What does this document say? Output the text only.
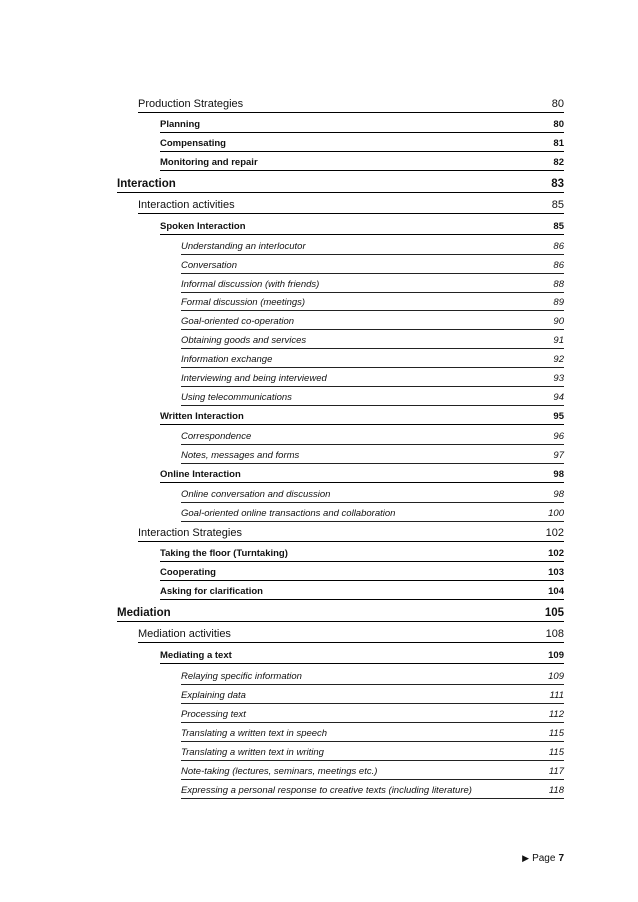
Production Strategies	80
Planning	80
Compensating	81
Monitoring and repair	82
Interaction	83
Interaction activities	85
Spoken Interaction	85
Understanding an interlocutor	86
Conversation	86
Informal discussion (with friends)	88
Formal discussion (meetings)	89
Goal-oriented co-operation	90
Obtaining goods and services	91
Information exchange	92
Interviewing and being interviewed	93
Using telecommunications	94
Written Interaction	95
Correspondence	96
Notes, messages and forms	97
Online Interaction	98
Online conversation and discussion	98
Goal-oriented online transactions and collaboration	100
Interaction Strategies	102
Taking the floor (Turntaking)	102
Cooperating	103
Asking for clarification	104
Mediation	105
Mediation activities	108
Mediating a text	109
Relaying specific information	109
Explaining data	111
Processing text	112
Translating a written text in speech	115
Translating a written text in writing	115
Note-taking (lectures, seminars, meetings etc.)	117
Expressing a personal response to creative texts (including literature)	118
▶ Page 7
